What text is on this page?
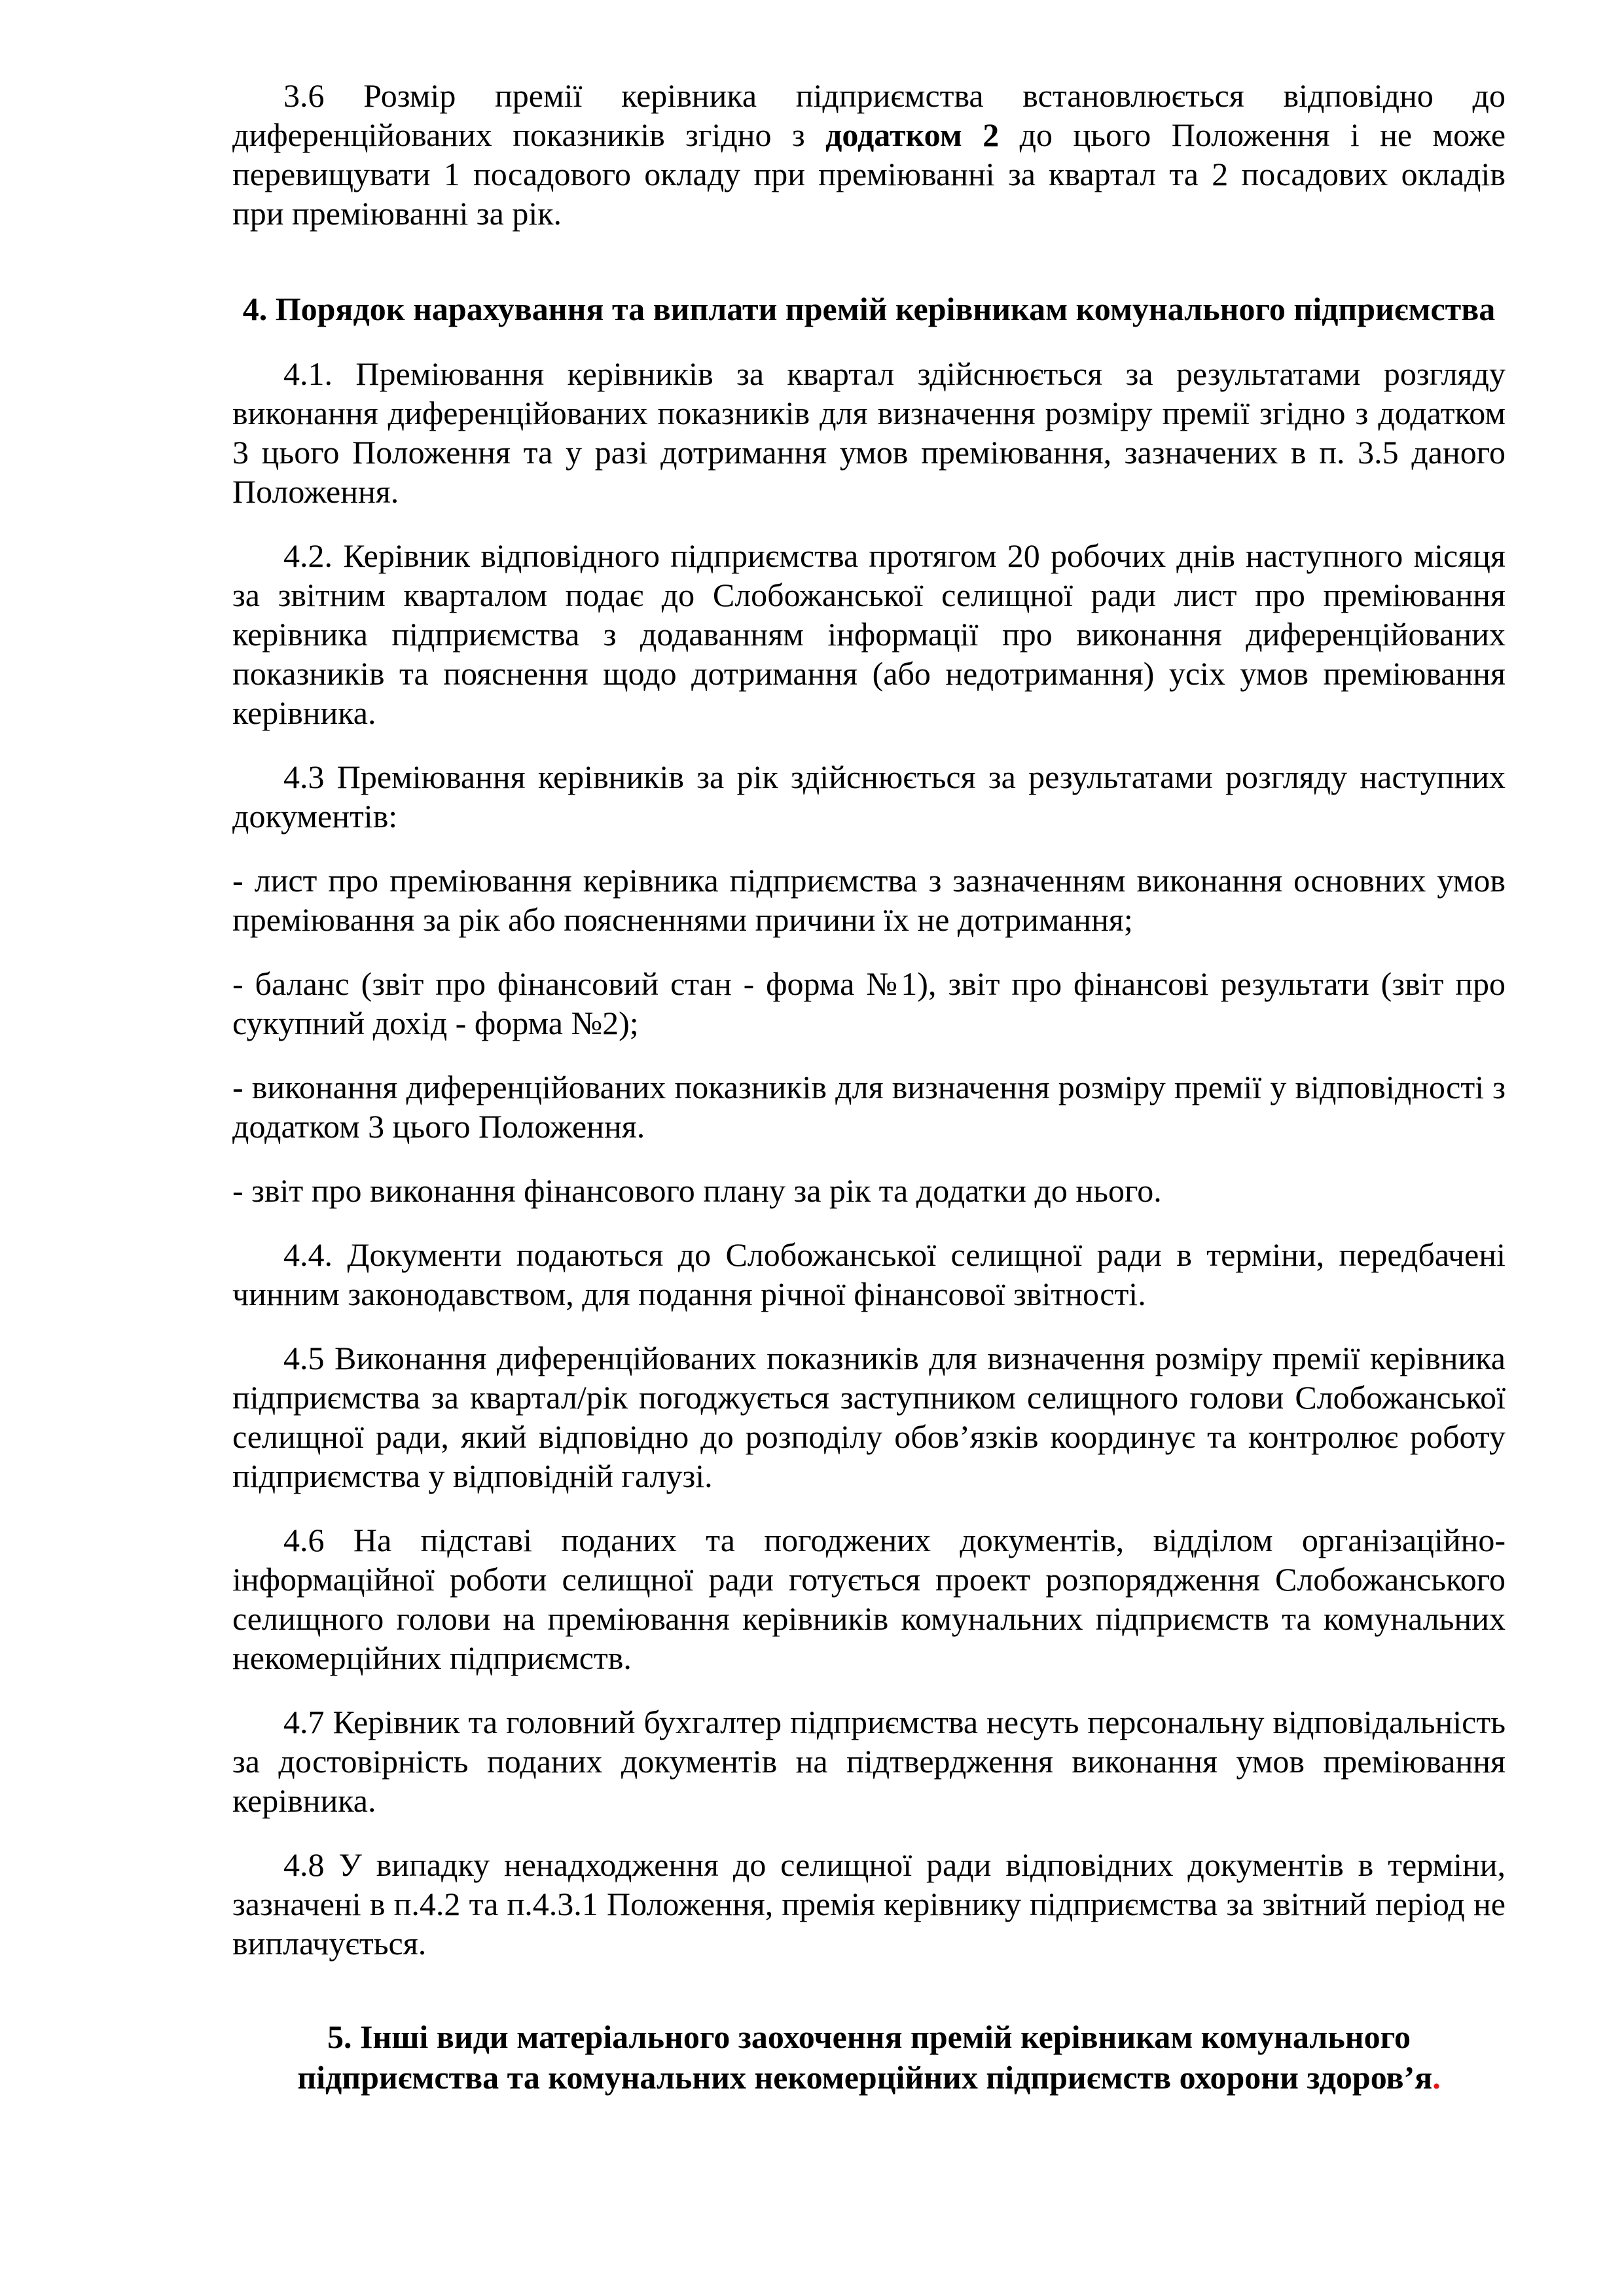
3.6 Розмір премії керівника підприємства встановлюється відповідно до диференційованих показників згідно з додатком 2 до цього Положення і не може перевищувати 1 посадового окладу при преміюванні за квартал та 2 посадових окладів при преміюванні за рік.

4. Порядок нарахування та виплати премій керівникам комунального підприємства

4.1. Преміювання керівників за квартал здійснюється за результатами розгляду виконання диференційованих показників для визначення розміру премії згідно з додатком 3 цього Положення та у разі дотримання умов преміювання, зазначених в п. 3.5 даного Положення.

4.2. Керівник відповідного підприємства протягом 20 робочих днів наступного місяця за звітним кварталом подає до Слобожанської селищної ради лист про преміювання керівника підприємства з додаванням інформації про виконання диференційованих показників та пояснення щодо дотримання (або недотримання) усіх умов преміювання керівника.

4.3 Преміювання керівників за рік здійснюється за результатами розгляду наступних документів:

- лист про преміювання керівника підприємства з зазначенням виконання основних умов преміювання за рік або поясненнями причини їх не дотримання;

- баланс (звіт про фінансовий стан - форма №1), звіт про фінансові результати (звіт про сукупний дохід - форма №2);

- виконання диференційованих показників для визначення розміру премії у відповідності з додатком 3 цього Положення.

- звіт про виконання фінансового плану за рік та додатки до нього.

4.4. Документи подаються до Слобожанської селищної ради в терміни, передбачені чинним законодавством, для подання річної фінансової звітності.

4.5 Виконання диференційованих показників для визначення розміру премії керівника підприємства за квартал/рік погоджується заступником селищного голови Слобожанської селищної ради, який відповідно до розподілу обов’язків координує та контролює роботу підприємства у відповідній галузі.

4.6 На підставі поданих та погоджених документів, відділом організаційно-інформаційної роботи селищної ради готується проект розпорядження Слобожанського селищного голови на преміювання керівників комунальних підприємств та комунальних некомерційних підприємств.

4.7 Керівник та головний бухгалтер підприємства несуть персональну відповідальність за достовірність поданих документів на підтвердження виконання умов преміювання керівника.

4.8 У випадку ненадходження до селищної ради відповідних документів в терміни, зазначені в п.4.2 та п.4.3.1 Положення, премія керівнику підприємства за звітний період не виплачується.

5. Інші види матеріального заохочення премій керівникам комунального підприємства та комунальних некомерційних підприємств охорони здоров’я.
